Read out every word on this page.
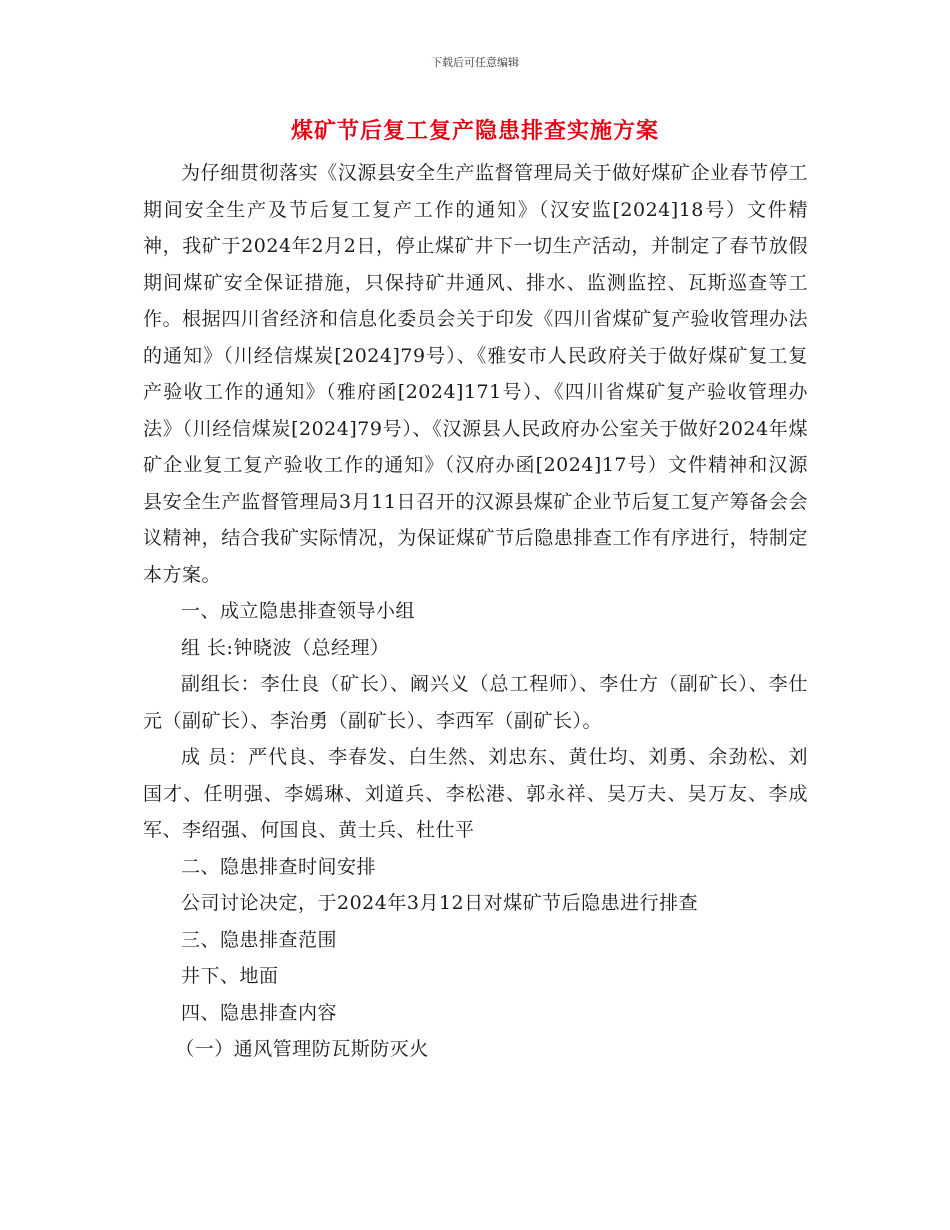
下载后可任意编辑
煤矿节后复工复产隐患排查实施方案

为仔细贯彻落实《汉源县安全生产监督管理局关于做好煤矿企业春节停工期间安全生产及节后复工复产工作的通知》（汉安监[2024]18号）文件精神，我矿于2024年2月2日，停止煤矿井下一切生产活动，并制定了春节放假期间煤矿安全保证措施，只保持矿井通风、排水、监测监控、瓦斯巡查等工作。根据四川省经济和信息化委员会关于印发《四川省煤矿复产验收管理办法的通知》（川经信煤炭[2024]79号）、《雅安市人民政府关于做好煤矿复工复产验收工作的通知》（雅府函[2024]171号）、《四川省煤矿复产验收管理办法》（川经信煤炭[2024]79号）、《汉源县人民政府办公室关于做好2024年煤矿企业复工复产验收工作的通知》（汉府办函[2024]17号）文件精神和汉源县安全生产监督管理局3月11日召开的汉源县煤矿企业节后复工复产筹备会会议精神，结合我矿实际情况，为保证煤矿节后隐患排查工作有序进行，特制定本方案。

一、成立隐患排查领导小组

组 长:钟晓波（总经理）

副组长：李仕良（矿长）、阚兴义（总工程师）、李仕方（副矿长）、李仕元（副矿长）、李治勇（副矿长）、李西军（副矿长）。

成 员：严代良、李春发、白生然、刘忠东、黄仕均、刘勇、余劲松、刘国才、任明强、李嫣琳、刘道兵、李松港、郭永祥、吴万夫、吴万友、李成军、李绍强、何国良、黄士兵、杜仕平

二、隐患排查时间安排

公司讨论决定，于2024年3月12日对煤矿节后隐患进行排查

三、隐患排查范围

井下、地面

四、隐患排查内容

（一）通风管理防瓦斯防灭火
